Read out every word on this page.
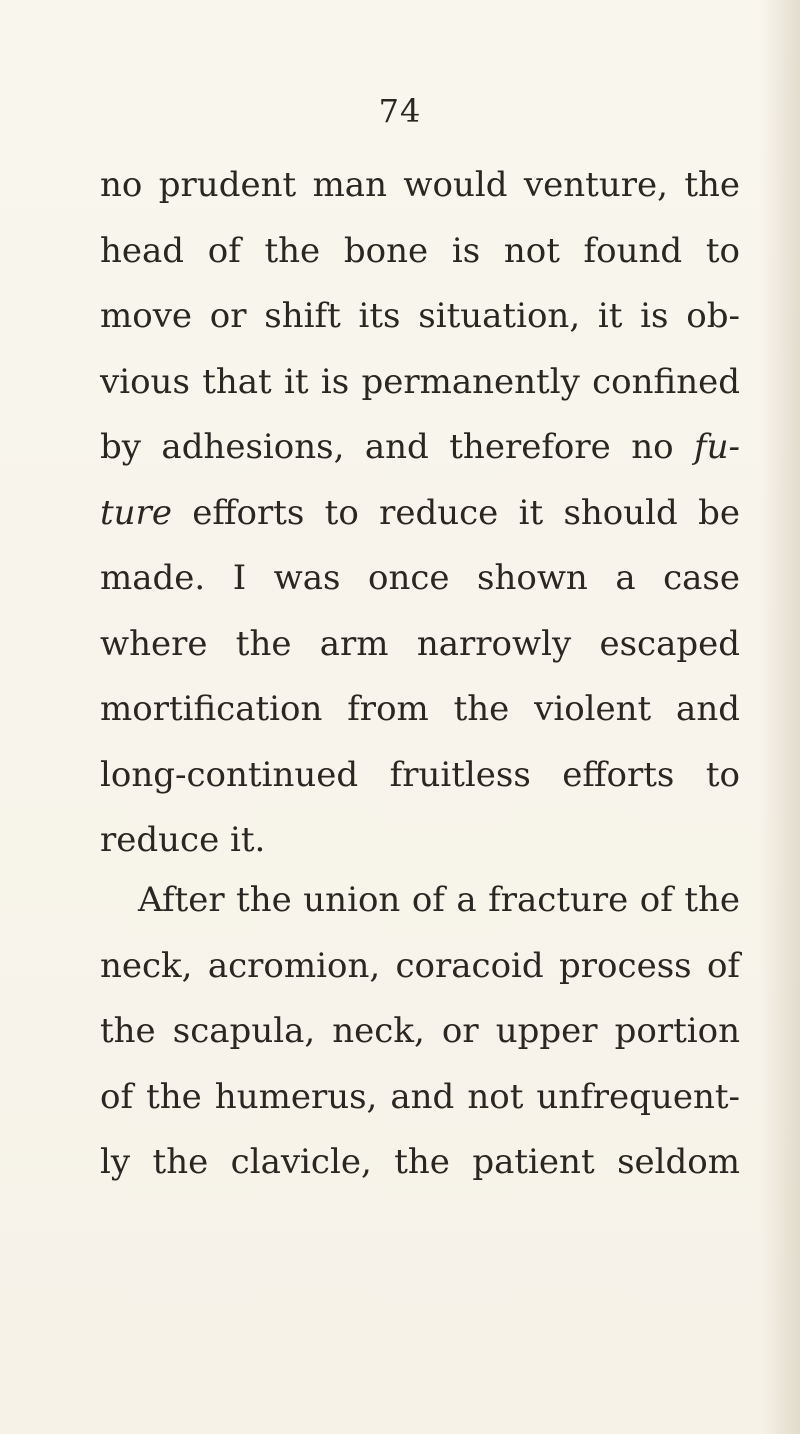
74
no prudent man would venture, the
head of the bone is not found to
move or shift its situation, it is ob-
vious that it is permanently confined
by adhesions, and therefore no fu-
ture efforts to reduce it should be
made. I was once shown a case
where the arm narrowly escaped
mortification from the violent and
long-continued fruitless efforts to
reduce it.
After the union of a fracture of the
neck, acromion, coracoid process of
the scapula, neck, or upper portion
of the humerus, and not unfrequent-
ly the clavicle, the patient seldom
